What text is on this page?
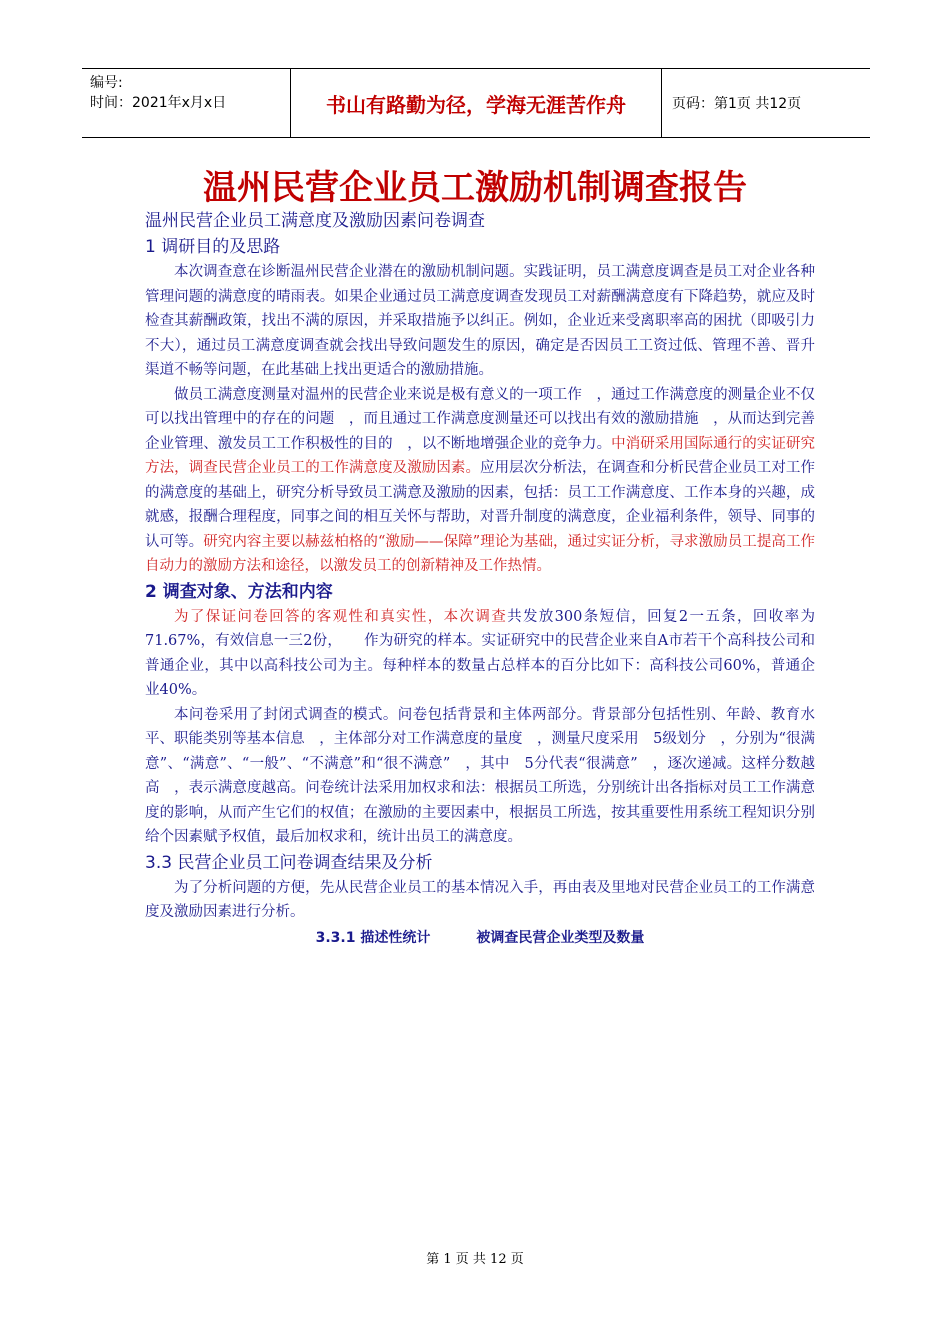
编号:
时间：2021年x月x日	书山有路勤为径，学海无涯苦作舟	页码：第1页 共12页
温州民营企业员工激励机制调查报告
温州民营企业员工满意度及激励因素问卷调查
1 调研目的及思路

本次调查意在诊断温州民营企业潜在的激励机制问题。实践证明，员工满意度调查是员工对企业各种管理问题的满意度的晴雨表。如果企业通过员工满意度调查发现员工对薪酬满意度有下降趋势，就应及时检查其薪酬政策，找出不满的原因，并采取措施予以纠正。例如，企业近来受离职率高的困扰（即吸引力不大），通过员工满意度调查就会找出导致问题发生的原因，确定是否因员工工资过低、管理不善、晋升渠道不畅等问题，在此基础上找出更适合的激励措施。

做员工满意度测量对温州的民营企业来说是极有意义的一项工作　，通过工作满意度的测量企业不仅可以找出管理中的存在的问题　，而且通过工作满意度测量还可以找出有效的激励措施　，从而达到完善企业管理、激发员工工作积极性的目的　，以不断地增强企业的竞争力。中消研采用国际通行的实证研究方法，调查民营企业员工的工作满意度及激励因素。应用层次分析法，在调查和分析民营企业员工对工作的满意度的基础上，研究分析导致员工满意及激励的因素，包括：员工工作满意度、工作本身的兴趣，成就感，报酬合理程度，同事之间的相互关怀与帮助，对晋升制度的满意度，企业福利条件，领导、同事的认可等。研究内容主要以赫兹柏格的“激励——保障”理论为基础，通过实证分析，寻求激励员工提高工作自动力的激励方法和途径，以激发员工的创新精神及工作热情。

2 调查对象、方法和内容

为了保证问卷回答的客观性和真实性，本次调查共发放300条短信，回复2一五条，回收率为71.67%，有效信息一三2份，　　作为研究的样本。实证研究中的民营企业来自A市若干个高科技公司和普通企业，其中以高科技公司为主。每种样本的数量占总样本的百分比如下：高科技公司60%，普通企业40%。

本问卷采用了封闭式调查的模式。问卷包括背景和主体两部分。背景部分包括性别、年龄、教育水平、职能类别等基本信息　，主体部分对工作满意度的量度　，测量尺度采用　5级划分　，分别为“很满意”、“满意”、“一般”、“不满意”和“很不满意”　，其中　5分代表“很满意”　，逐次递减。这样分数越高　，表示满意度越高。问卷统计法采用加权求和法：根据员工所选，分别统计出各指标对员工工作满意度的影响，从而产生它们的权值；在激励的主要因素中，根据员工所选，按其重要性用系统工程知识分别给个因素赋予权值，最后加权求和，统计出员工的满意度。

3.3 民营企业员工问卷调查结果及分析

为了分析问题的方便，先从民营企业员工的基本情况入手，再由表及里地对民营企业员工的工作满意度及激励因素进行分析。

3.3.1 描述性统计	被调查民营企业类型及数量
第 1 页 共 12 页
